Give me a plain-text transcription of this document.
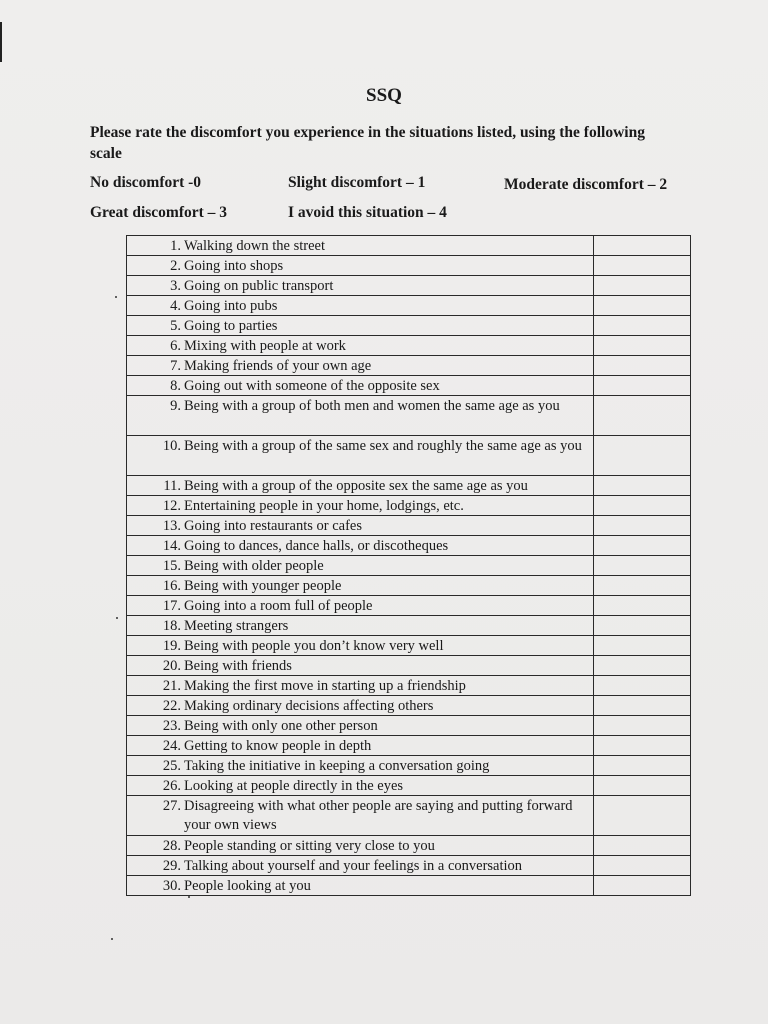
SSQ
Please rate the discomfort you experience in the situations listed, using the following scale
No discomfort -0	Slight discomfort – 1	Moderate discomfort – 2
Great discomfort – 3	I avoid this situation – 4
1. Walking down the street	

2. Going into shops	

3. Going on public transport	

4. Going into pubs	

5. Going to parties	

6. Mixing with people at work	

7. Making friends of your own age	

8. Going out with someone of the opposite sex	

9. Being with a group of both men and women the same age as you	

10. Being with a group of the same sex and roughly the same age as you	

11. Being with a group of the opposite sex the same age as you	

12. Entertaining people in your home, lodgings, etc.	

13. Going into restaurants or cafes	

14. Going to dances, dance halls, or discotheques	

15. Being with older people	

16. Being with younger people	

17. Going into a room full of people	

18. Meeting strangers	

19. Being with people you don’t know very well	

20. Being with friends	

21. Making the first move in starting up a friendship	

22. Making ordinary decisions affecting others	

23. Being with only one other person	

24. Getting to know people in depth	

25. Taking the initiative in keeping a conversation going	

26. Looking at people directly in the eyes	

27. Disagreeing with what other people are saying and putting forward your own views	

28. People standing or sitting very close to you	

29. Talking about yourself and your feelings in a conversation	

30. People looking at you	
